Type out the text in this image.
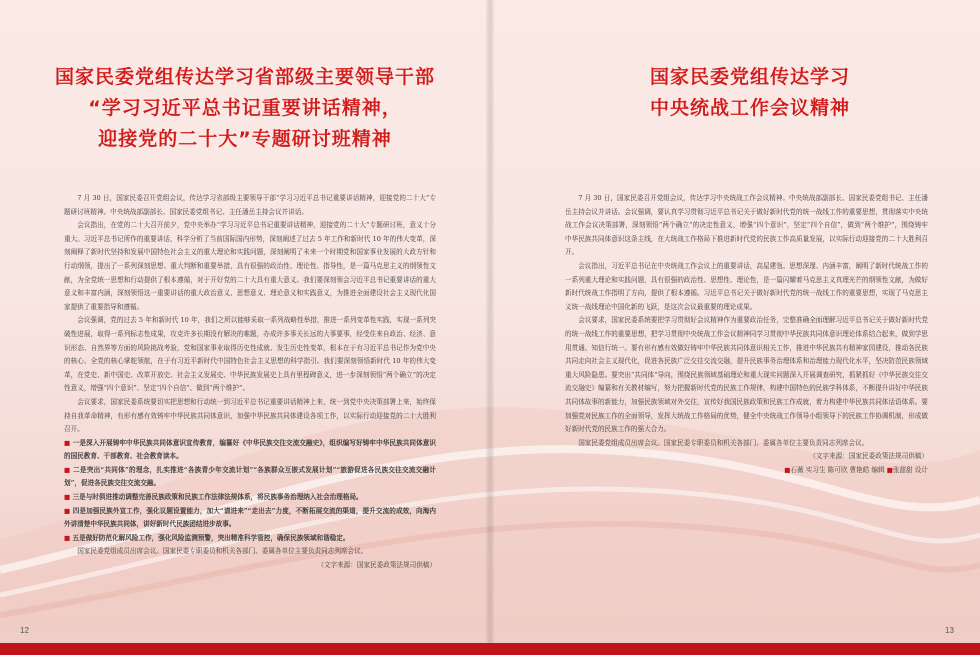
国家民委党组传达学习省部级主要领导干部
“学习习近平总书记重要讲话精神，
迎接党的二十大”专题研讨班精神

7 月 30 日，国家民委召开党组会议，传达学习省部级主要领导干部“学习习近平总书记重要讲话精神，迎接党的二十大”专题研讨班精神。中央统战部副部长、国家民委党组书记、主任潘岳主持会议并讲话。

会议指出，在党的二十大召开前夕，党中央举办“学习习近平总书记重要讲话精神，迎接党的二十大”专题研讨班，意义十分重大。习近平总书记所作的重要讲话，科学分析了当前国际国内形势，深刻阐述了过去 5 年工作和新时代 10 年的伟大变革，深刻阐释了新时代坚持和发展中国特色社会主义的重大理论和实践问题，深刻阐明了未来一个时期党和国家事业发展的大政方针和行动纲领，提出了一系列深刻思想、重大判断和重要举措，具有很强的政治性、理论性、指导性，是一篇马克思主义的纲领性文献，为全党统一思想和行动提供了根本遵循，对于开好党的二十大具有重大意义。我们要深刻领会习近平总书记重要讲话的重大意义和丰富内涵，深刻领悟这一重要讲话的重大政治意义、思想意义、理论意义和实践意义，为推进全面建设社会主义现代化国家提供了重要指导和遵循。

会议强调，党的过去 5 年和新时代 10 年，我们之所以能够采取一系列战略性举措，推进一系列变革性实践，实现一系列突破性进展，取得一系列标志性成果，攻克许多长期没有解决的难题，办成许多事关长远的大事要事，经受住来自政治、经济、意识形态、自然界等方面的风险挑战考验，党和国家事业取得历史性成就、发生历史性变革，根本在于有习近平总书记作为党中央的核心、全党的核心掌舵领航，在于有习近平新时代中国特色社会主义思想的科学指引。我们要深刻领悟新时代 10 年的伟大变革，在党史、新中国史、改革开放史、社会主义发展史、中华民族发展史上具有里程碑意义，进一步深刻领悟“两个确立”的决定性意义，增强“四个意识”、坚定“四个自信”、做到“两个维护”。

会议要求，国家民委系统要切实把思想和行动统一到习近平总书记重要讲话精神上来，统一到党中央决策部署上来，始终保持自我革命精神，有形有感有效铸牢中华民族共同体意识，加强中华民族共同体建设各项工作，以实际行动迎接党的二十大胜利召开。

■ 一是深入开展铸牢中华民族共同体意识宣传教育，编纂好《中华民族交往交流交融史》，组织编写好铸牢中华民族共同体意识的国民教育、干部教育、社会教育读本。

■ 二是突出“共同体”的理念，扎实推进“各族青少年交流计划”“各族群众互嵌式发展计划”“旅游促进各民族交往交流交融计划”，促进各民族交往交流交融。

■ 三是与时俱进推动调整完善民族政策和民族工作法律法规体系，将民族事务治理纳入社会治理格局。

■ 四是加强民族外宣工作，强化议题设置能力，加大“请进来”“走出去”力度，不断拓展交流的渠道，提升交流的成效，向海内外讲清楚中华民族共同体，讲好新时代民族团结进步故事。

■ 五是做好防范化解风险工作，强化风险监测预警，突出精准科学管控，确保民族领域和谐稳定。

国家民委党组成员出席会议。国家民委专职委员和机关各部门、委属各单位主要负责同志列席会议。

（文字来源：国家民委政策法规司供稿）

12
国家民委党组传达学习
中央统战工作会议精神

7 月 30 日，国家民委召开党组会议，传达学习中央统战工作会议精神。中央统战部副部长、国家民委党组书记、主任潘岳主持会议并讲话。会议强调，要认真学习贯彻习近平总书记关于做好新时代党的统一战线工作的重要思想，贯彻落实中央统战工作会议决策部署，深刻领悟“两个确立”的决定性意义，增强“四个意识”，坚定“四个自信”，做到“两个维护”，围绕铸牢中华民族共同体意识这条主线，在大统战工作格局下推进新时代党的民族工作高质量发展，以实际行动迎接党的二十大胜利召开。

会议指出，习近平总书记在中央统战工作会议上的重要讲话，高屋建瓴、思想深邃、内涵丰富，阐明了新时代统战工作的一系列重大理论和实践问题，具有很强的政治性、思想性、理论性，是一篇闪耀着马克思主义真理光芒的纲领性文献，为做好新时代统战工作指明了方向，提供了根本遵循。习近平总书记关于做好新时代党的统一战线工作的重要思想，实现了马克思主义统一战线理论中国化新的飞跃，是这次会议最重要的理论成果。

会议要求，国家民委系统要把学习贯彻好会议精神作为重要政治任务，完整准确全面理解习近平总书记关于做好新时代党的统一战线工作的重要思想，把学习贯彻中央统战工作会议精神同学习贯彻中华民族共同体意识理论体系结合起来，做到学思用贯通、知信行统一。要有形有感有效做好铸牢中华民族共同体意识相关工作，推进中华民族共有精神家园建设，推动各民族共同走向社会主义现代化，促进各民族广泛交往交流交融，提升民族事务治理体系和治理能力现代化水平，坚决防范民族领域重大风险隐患。要突出“共同体”导向，围绕民族领域基础理论和重大现实问题深入开展调查研究，抓紧抓好《中华民族交往交流交融史》编纂和有关教材编写，努力把握新时代党的民族工作规律，构建中国特色的民族学科体系，不断提升讲好中华民族共同体故事的新能力，加强民族领域对外交往，宣传好我国民族政策和民族工作成就，着力构建中华民族共同体话语体系。要加强党对民族工作的全面领导，发挥大统战工作格局的优势，健全中央统战工作领导小组领导下的民族工作协调机制，形成做好新时代党的民族工作的强大合力。

国家民委党组成员出席会议。国家民委专职委员和机关各部门、委属各单位主要负责同志列席会议。

（文字来源：国家民委政策法规司供稿）

■石薇 实习生 陈可欣 曹艳皓 编辑 ■张甜甜 设计
13
